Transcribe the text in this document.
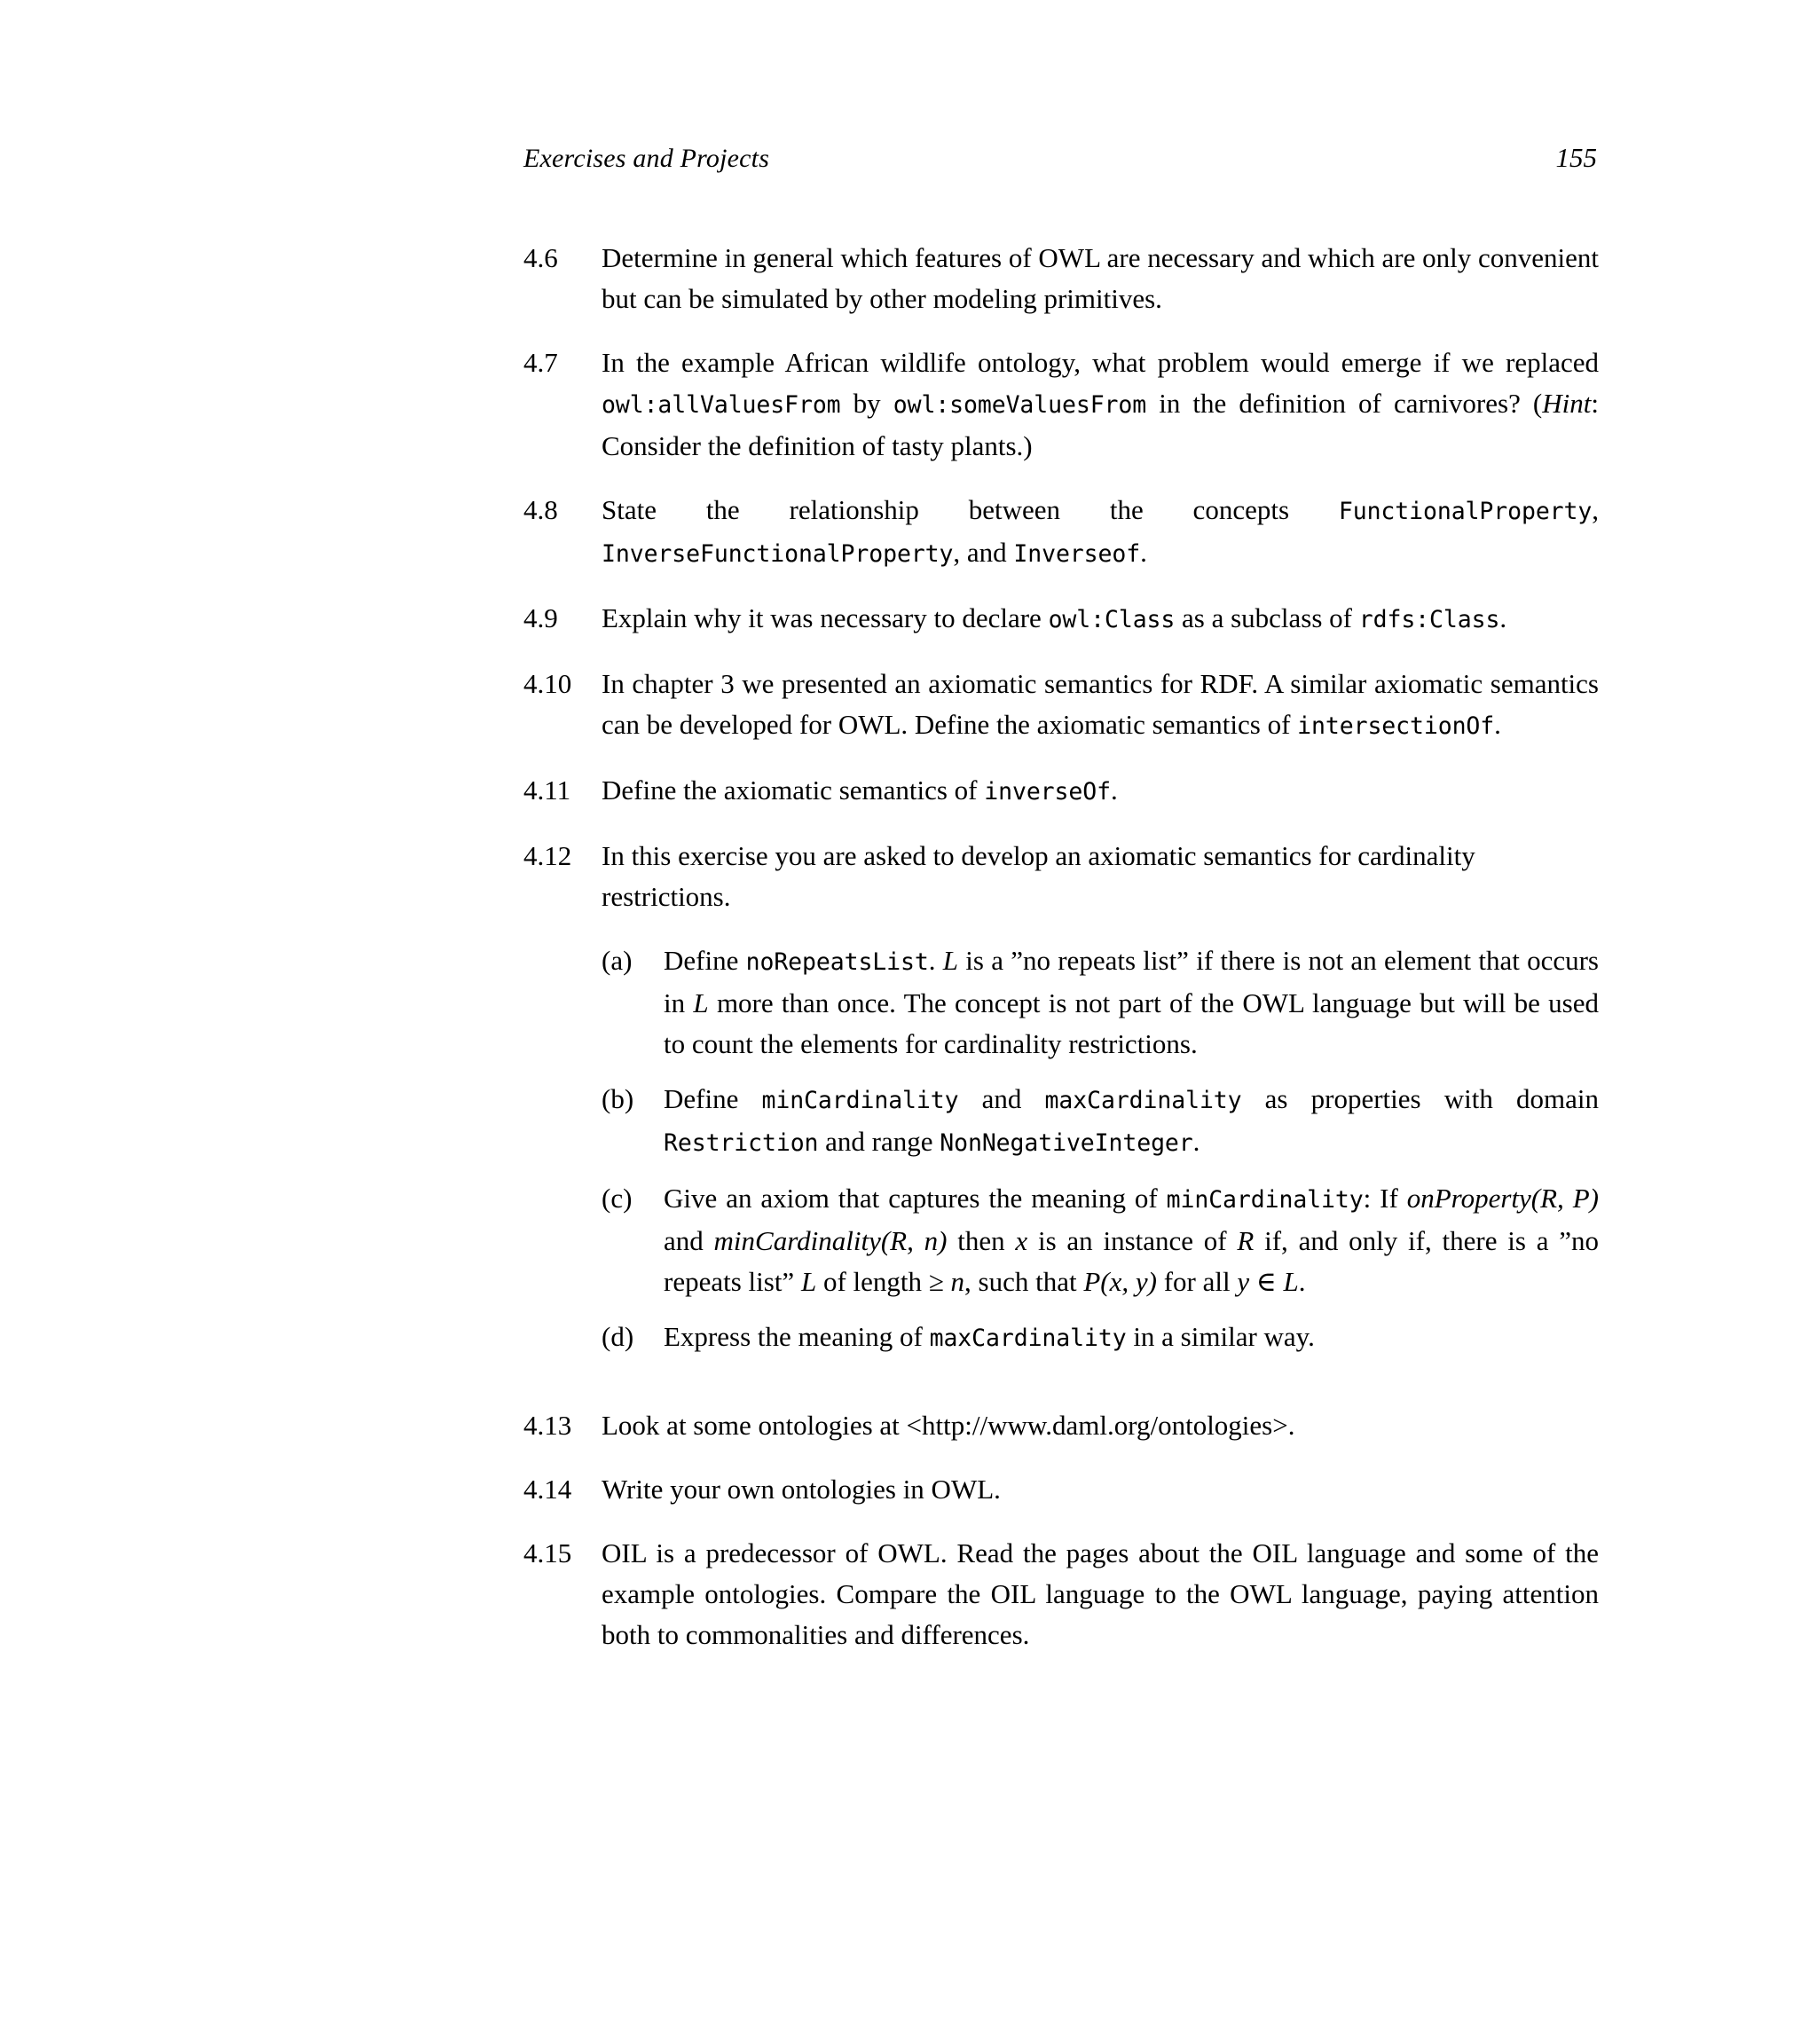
Exercises and Projects	155
4.6	Determine in general which features of OWL are necessary and which are only convenient but can be simulated by other modeling primitives.
4.7	In the example African wildlife ontology, what problem would emerge if we replaced owl:allValuesFrom by owl:someValuesFrom in the definition of carnivores? (Hint: Consider the definition of tasty plants.)
4.8	State the relationship between the concepts FunctionalProperty, InverseFunctionalProperty, and Inverseof.
4.9	Explain why it was necessary to declare owl:Class as a subclass of rdfs:Class.
4.10	In chapter 3 we presented an axiomatic semantics for RDF. A similar axiomatic semantics can be developed for OWL. Define the axiomatic semantics of intersectionOf.
4.11	Define the axiomatic semantics of inverseOf.
4.12	In this exercise you are asked to develop an axiomatic semantics for cardinality restrictions.
(a)	Define noRepeatsList. L is a ”no repeats list” if there is not an element that occurs in L more than once. The concept is not part of the OWL language but will be used to count the elements for cardinality restrictions.
(b)	Define minCardinality and maxCardinality as properties with domain Restriction and range NonNegativeInteger.
(c)	Give an axiom that captures the meaning of minCardinality: If onProperty(R, P) and minCardinality(R, n) then x is an instance of R if, and only if, there is a ”no repeats list” L of length ≥ n, such that P(x, y) for all y ∈ L.
(d)	Express the meaning of maxCardinality in a similar way.
4.13	Look at some ontologies at <http://www.daml.org/ontologies>.
4.14	Write your own ontologies in OWL.
4.15	OIL is a predecessor of OWL. Read the pages about the OIL language and some of the example ontologies. Compare the OIL language to the OWL language, paying attention both to commonalities and differences.
